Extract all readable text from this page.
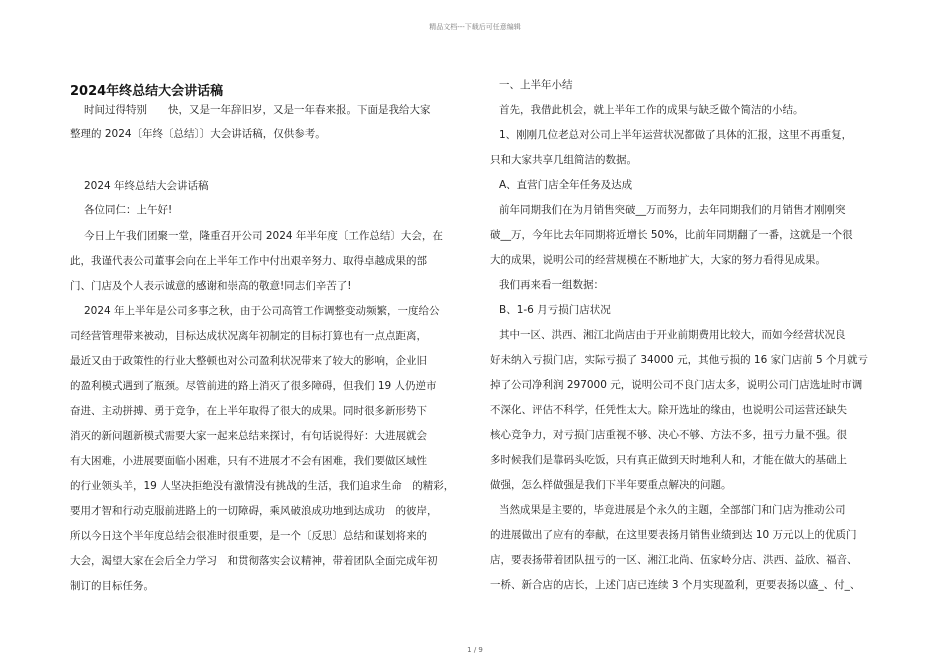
精品文档---下载后可任意编辑
2024年终总结大会讲话稿
时间过得特别　　快，又是一年辞旧岁，又是一年春来报。下面是我给大家
整理的 2024〔年终〔总结〕〕大会讲话稿，仅供参考。
2024 年终总结大会讲话稿
各位同仁：上午好!
今日上午我们团聚一堂，隆重召开公司 2024 年半年度〔工作总结〕大会，在
此，我谨代表公司董事会向在上半年工作中付出艰辛努力、取得卓越成果的部
门、门店及个人表示诚意的感谢和崇高的敬意!同志们辛苦了!
2024 年上半年是公司多事之秋，由于公司高管工作调整变动频繁，一度给公
司经营管理带来被动，目标达成状况离年初制定的目标打算也有一点点距离，
最近又由于政策性的行业大整顿也对公司盈利状况带来了较大的影响，企业旧
的盈利模式遇到了瓶颈。尽管前进的路上消灭了很多障碍，但我们 19 人仍逆市
奋进、主动拼搏、勇于竞争，在上半年取得了很大的成果。同时很多新形势下
消灭的新问题新模式需要大家一起来总结来探讨，有句话说得好：大进展就会
有大困难，小进展要面临小困难，只有不进展才不会有困难，我们要做区域性
的行业领头羊，19 人坚决拒绝没有激情没有挑战的生活，我们追求生命　的精彩，
要用才智和行动克服前进路上的一切障碍，乘风破浪成功地到达成功　的彼岸，
所以今日这个半年度总结会很准时很重要，是一个〔反思〕总结和谋划将来的
大会，渴望大家在会后全力学习　和贯彻落实会议精神，带着团队全面完成年初
制订的目标任务。
一、上半年小结
首先，我借此机会，就上半年工作的成果与缺乏做个简洁的小结。
1、刚刚几位老总对公司上半年运营状况都做了具体的汇报，这里不再重复，
只和大家共享几组简洁的数据。
A、直营门店全年任务及达成
前年同期我们在为月销售突破__万而努力，去年同期我们的月销售才刚刚突
破__万，今年比去年同期将近增长 50%，比前年同期翻了一番，这就是一个很
大的成果，说明公司的经营规模在不断地扩大，大家的努力看得见成果。
我们再来看一组数据：
B、1-6 月亏损门店状况
其中一区、洪西、湘江北尚店由于开业前期费用比较大，而如今经营状况良
好未纳入亏损门店，实际亏损了 34000 元，其他亏损的 16 家门店前 5 个月就亏
掉了公司净利润 297000 元，说明公司不良门店太多，说明公司门店选址时市调
不深化、评估不科学，任凭性太大。除开选址的缘由，也说明公司运营还缺失
核心竞争力，对亏损门店重视不够、决心不够、方法不多，扭亏力量不强。很
多时候我们是靠码头吃饭，只有真正做到天时地利人和，才能在做大的基础上
做强，怎么样做强是我们下半年要重点解决的问题。
当然成果是主要的，毕竟进展是个永久的主题，全部部门和门店为推动公司
的进展做出了应有的奉献，在这里要表扬月销售业绩到达 10 万元以上的优质门
店，要表扬带着团队扭亏的一区、湘江北尚、伍家岭分店、洪西、益欣、福音、
一桥、新合店的店长，上述门店已连续 3 个月实现盈利，更要表扬以盛_、付_、
1 / 9
